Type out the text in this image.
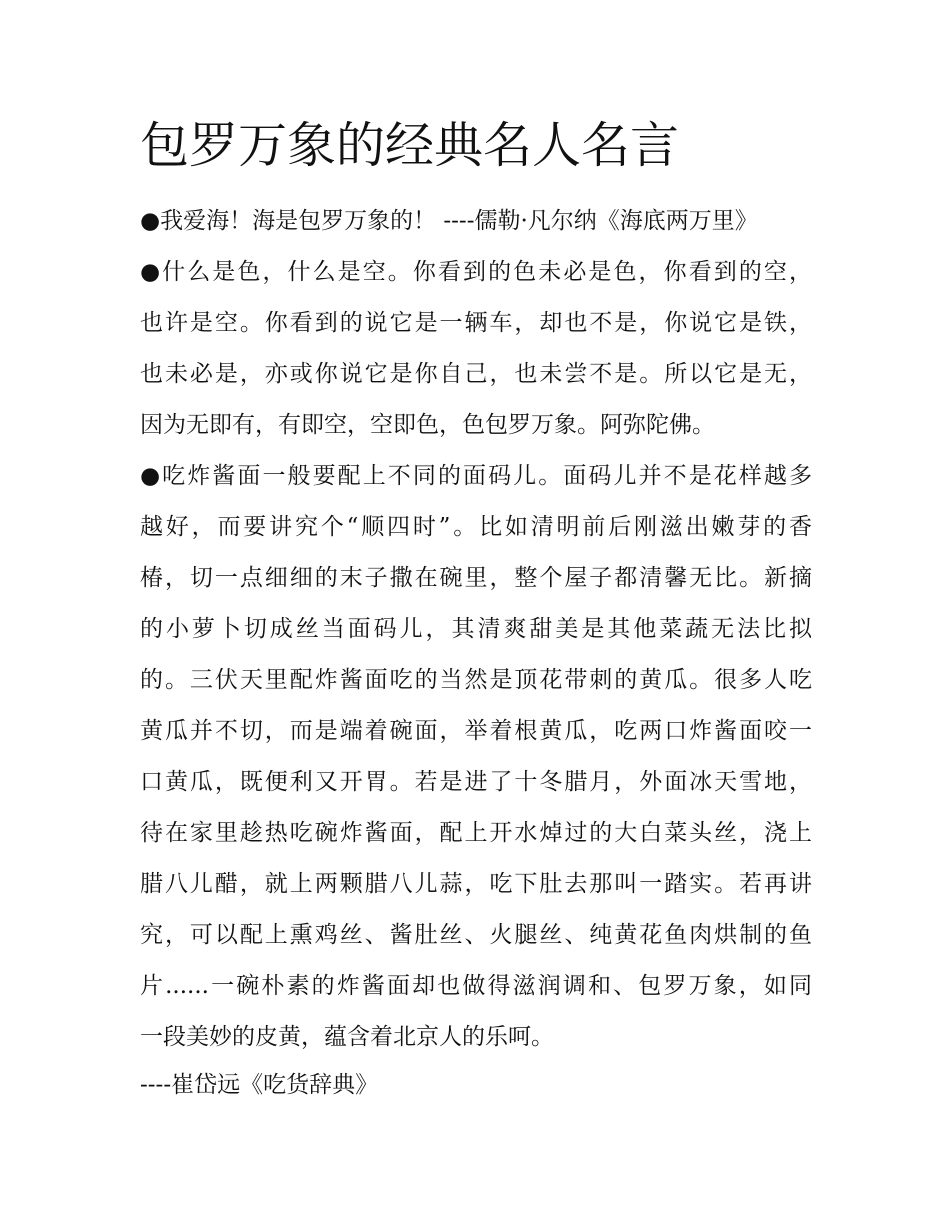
包罗万象的经典名人名言
●我爱海！海是包罗万象的！ ----儒勒·凡尔纳《海底两万里》
●什么是色，什么是空。你看到的色未必是色，你看到的空，
也许是空。你看到的说它是一辆车，却也不是，你说它是铁，
也未必是，亦或你说它是你自己，也未尝不是。所以它是无，
因为无即有，有即空，空即色，色包罗万象。阿弥陀佛。
●吃炸酱面一般要配上不同的面码儿。面码儿并不是花样越多
越好，而要讲究个“顺四时”。比如清明前后刚滋出嫩芽的香
椿，切一点细细的末子撒在碗里，整个屋子都清馨无比。新摘
的小萝卜切成丝当面码儿，其清爽甜美是其他菜蔬无法比拟
的。三伏天里配炸酱面吃的当然是顶花带刺的黄瓜。很多人吃
黄瓜并不切，而是端着碗面，举着根黄瓜，吃两口炸酱面咬一
口黄瓜，既便利又开胃。若是进了十冬腊月，外面冰天雪地，
待在家里趁热吃碗炸酱面，配上开水焯过的大白菜头丝，浇上
腊八儿醋，就上两颗腊八儿蒜，吃下肚去那叫一踏实。若再讲
究，可以配上熏鸡丝、酱肚丝、火腿丝、纯黄花鱼肉烘制的鱼
片......一碗朴素的炸酱面却也做得滋润调和、包罗万象，如同
一段美妙的皮黄，蕴含着北京人的乐呵。
----崔岱远《吃货辞典》
